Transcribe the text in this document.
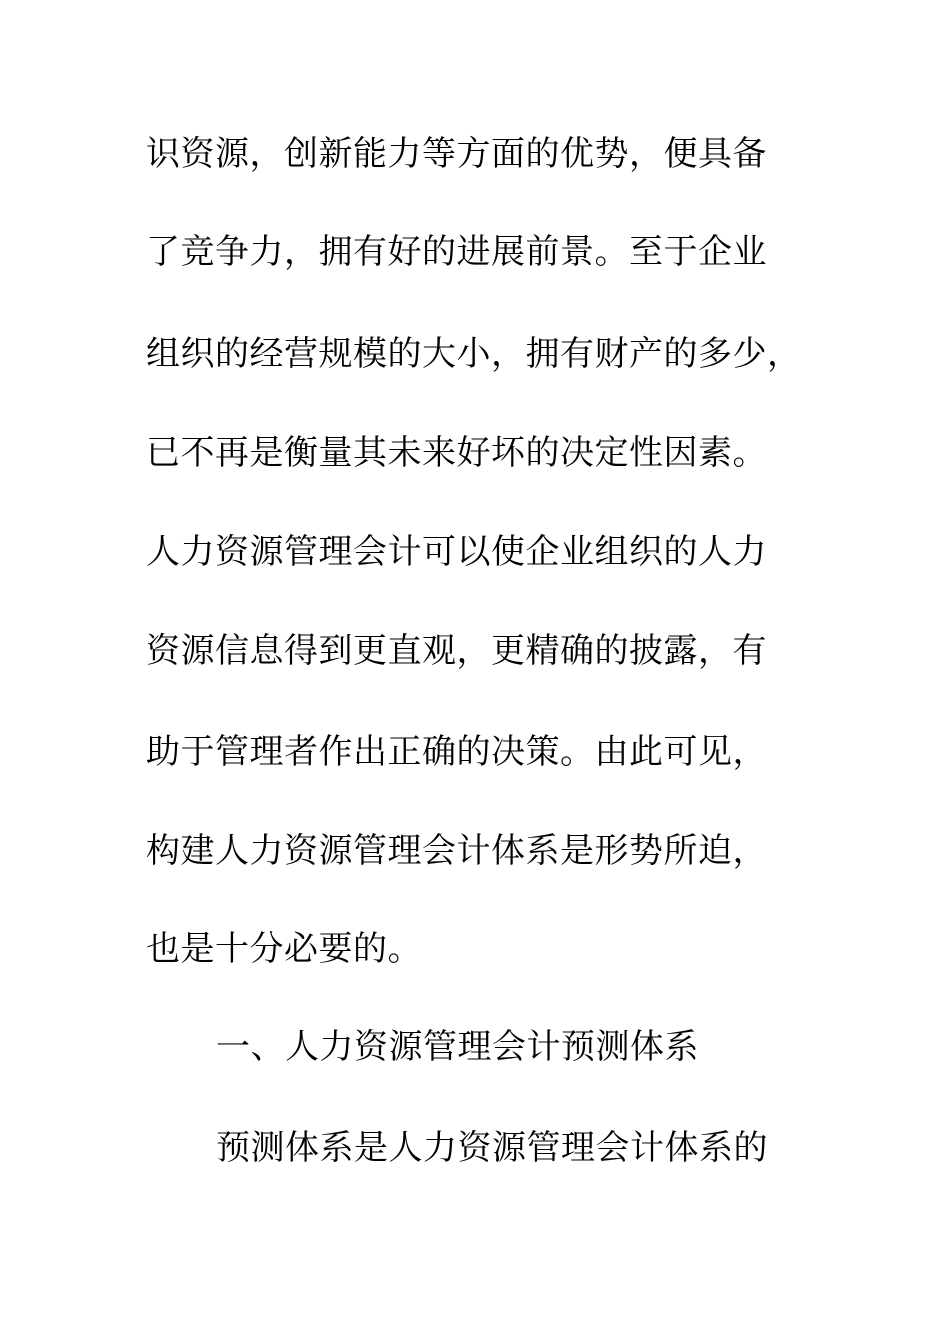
识资源，创新能力等方面的优势，便具备
了竞争力，拥有好的进展前景。至于企业
组织的经营规模的大小，拥有财产的多少，
已不再是衡量其未来好坏的决定性因素。
人力资源管理会计可以使企业组织的人力
资源信息得到更直观，更精确的披露，有
助于管理者作出正确的决策。由此可见，
构建人力资源管理会计体系是形势所迫，
也是十分必要的。
一、人力资源管理会计预测体系
预测体系是人力资源管理会计体系的
